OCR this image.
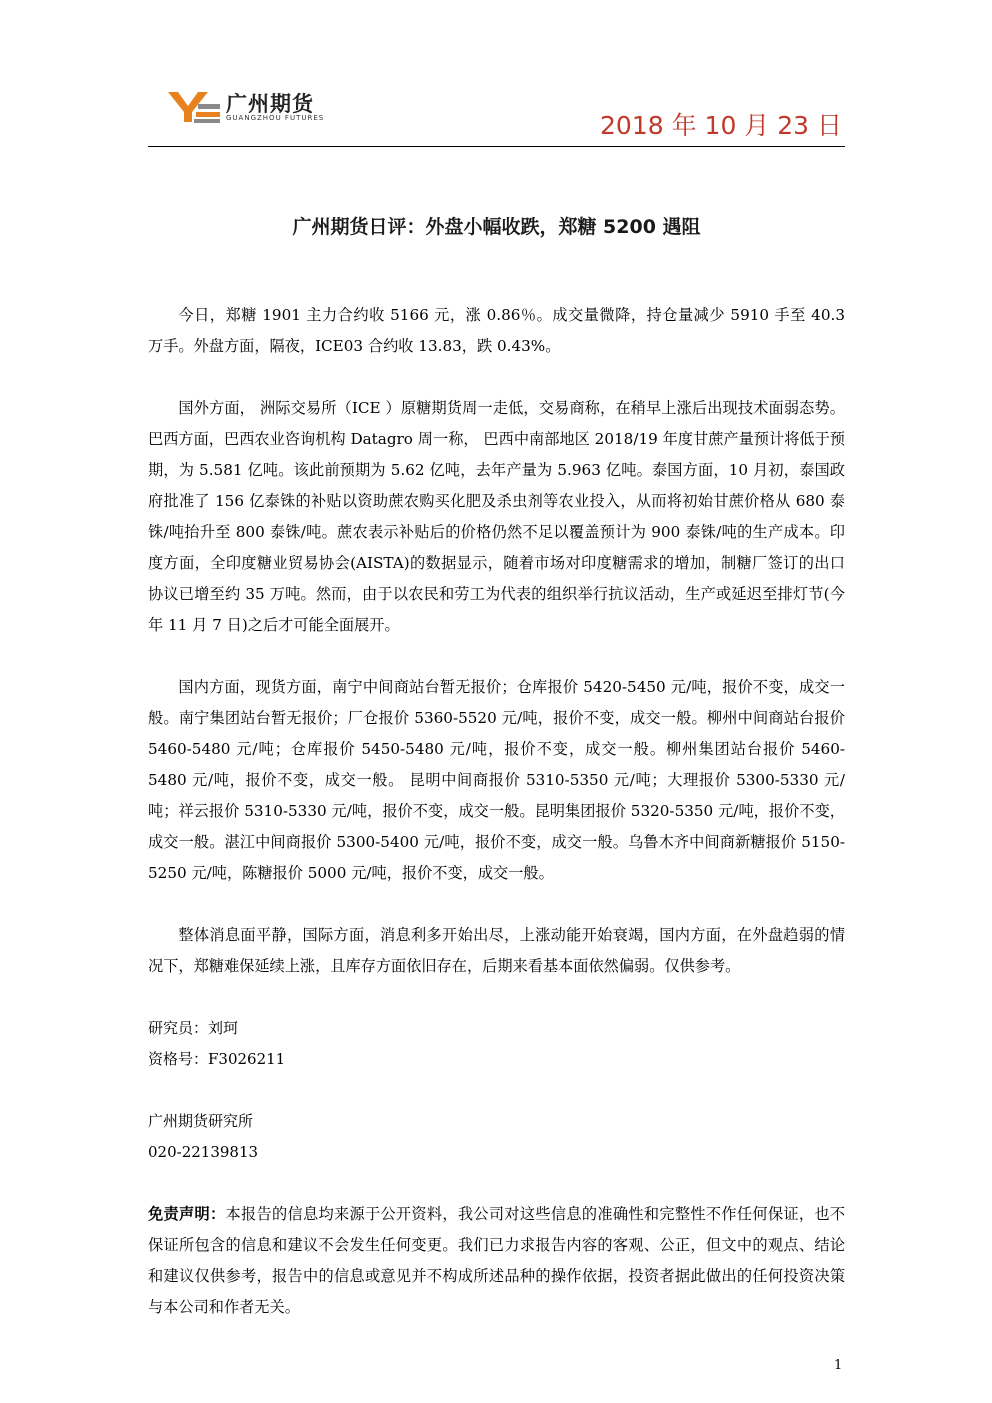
广州期货
GUANGZHOU FUTURES	2018 年 10 月 23 日
广州期货日评：外盘小幅收跌，郑糖 5200 遇阻

今日，郑糖 1901 主力合约收 5166 元，涨 0.86％。成交量微降，持仓量减少 5910 手至 40.3 万手。外盘方面，隔夜，ICE03 合约收 13.83，跌 0.43%。

国外方面， 洲际交易所（ICE ）原糖期货周一走低，交易商称，在稍早上涨后出现技术面弱态势。巴西方面，巴西农业咨询机构 Datagro 周一称， 巴西中南部地区 2018/19 年度甘蔗产量预计将低于预期，为 5.581 亿吨。该此前预期为 5.62 亿吨，去年产量为 5.963 亿吨。泰国方面，10 月初，泰国政府批准了 156 亿泰铢的补贴以资助蔗农购买化肥及杀虫剂等农业投入，从而将初始甘蔗价格从 680 泰铢/吨抬升至 800 泰铢/吨。蔗农表示补贴后的价格仍然不足以覆盖预计为 900 泰铢/吨的生产成本。印度方面，全印度糖业贸易协会(AISTA)的数据显示，随着市场对印度糖需求的增加，制糖厂签订的出口协议已增至约 35 万吨。然而，由于以农民和劳工为代表的组织举行抗议活动，生产或延迟至排灯节(今年 11 月 7 日)之后才可能全面展开。

国内方面，现货方面，南宁中间商站台暂无报价；仓库报价 5420-5450 元/吨，报价不变，成交一般。南宁集团站台暂无报价；厂仓报价 5360-5520 元/吨，报价不变，成交一般。柳州中间商站台报价 5460-5480 元/吨；仓库报价 5450-5480 元/吨，报价不变，成交一般。柳州集团站台报价 5460-5480 元/吨，报价不变，成交一般。 昆明中间商报价 5310-5350 元/吨；大理报价 5300-5330 元/吨；祥云报价 5310-5330 元/吨，报价不变，成交一般。昆明集团报价 5320-5350 元/吨，报价不变，成交一般。湛江中间商报价 5300-5400 元/吨，报价不变，成交一般。乌鲁木齐中间商新糖报价 5150-5250 元/吨，陈糖报价 5000 元/吨，报价不变，成交一般。

整体消息面平静，国际方面，消息利多开始出尽，上涨动能开始衰竭，国内方面，在外盘趋弱的情况下，郑糖难保延续上涨，且库存方面依旧存在，后期来看基本面依然偏弱。仅供参考。

研究员：刘珂

资格号：F3026211

广州期货研究所

020-22139813

免责声明：本报告的信息均来源于公开资料，我公司对这些信息的准确性和完整性不作任何保证，也不保证所包含的信息和建议不会发生任何变更。我们已力求报告内容的客观、公正，但文中的观点、结论和建议仅供参考，报告中的信息或意见并不构成所述品种的操作依据，投资者据此做出的任何投资决策与本公司和作者无关。

1
